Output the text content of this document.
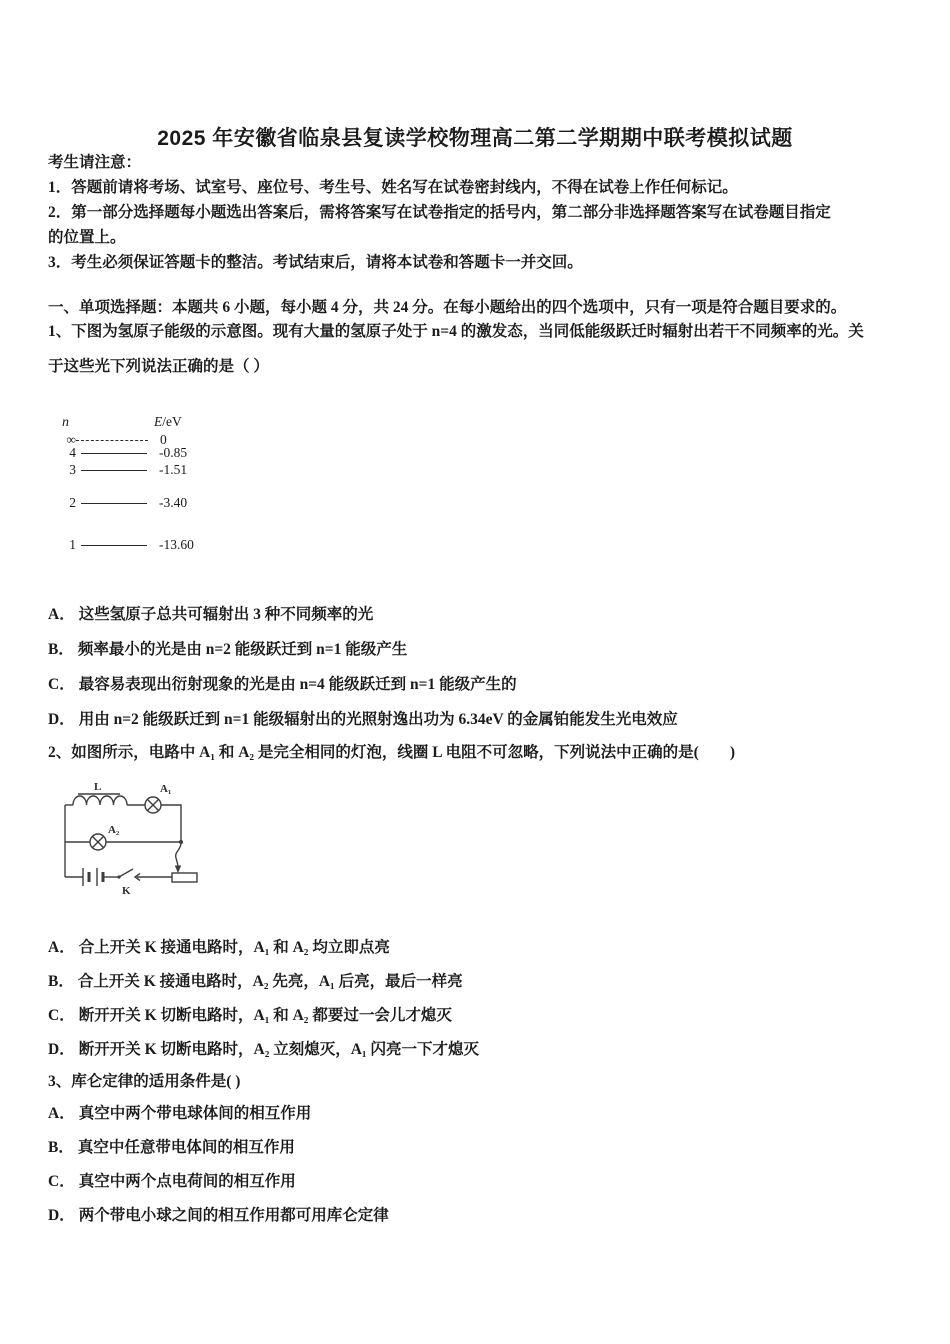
2025 年安徽省临泉县复读学校物理高二第二学期期中联考模拟试题
考生请注意：
1．答题前请将考场、试室号、座位号、考生号、姓名写在试卷密封线内，不得在试卷上作任何标记。
2．第一部分选择题每小题选出答案后，需将答案写在试卷指定的括号内，第二部分非选择题答案写在试卷题目指定
的位置上。
3．考生必须保证答题卡的整洁。考试结束后，请将本试卷和答题卡一并交回。
一、单项选择题：本题共 6 小题，每小题 4 分，共 24 分。在每小题给出的四个选项中，只有一项是符合题目要求的。
1、下图为氢原子能级的示意图。现有大量的氢原子处于 n=4 的激发态，当同低能级跃迁时辐射出若干不同频率的光。关
于这些光下列说法正确的是（ ）
n	E/eV
∞	0
4	-0.85
3	-1.51
2	-3.40
1	-13.60
A． 这些氢原子总共可辐射出 3 种不同频率的光
B． 频率最小的光是由 n=2 能级跃迁到 n=1 能级产生
C． 最容易表现出衍射现象的光是由 n=4 能级跃迁到 n=1 能级产生的
D． 用由 n=2 能级跃迁到 n=1 能级辐射出的光照射逸出功为 6.34eV 的金属铂能发生光电效应
2、如图所示，电路中 A₁ 和 A₂ 是完全相同的灯泡，线圈 L 电阻不可忽略，下列说法中正确的是(　　)
L	A₁
A₂
K
A． 合上开关 K 接通电路时，A₁ 和 A₂ 均立即点亮
B． 合上开关 K 接通电路时，A₂ 先亮，A₁ 后亮，最后一样亮
C． 断开开关 K 切断电路时，A₁ 和 A₂ 都要过一会儿才熄灭
D． 断开开关 K 切断电路时，A₂ 立刻熄灭，A₁ 闪亮一下才熄灭
3、库仑定律的适用条件是( )
A． 真空中两个带电球体间的相互作用
B． 真空中任意带电体间的相互作用
C． 真空中两个点电荷间的相互作用
D． 两个带电小球之间的相互作用都可用库仑定律
